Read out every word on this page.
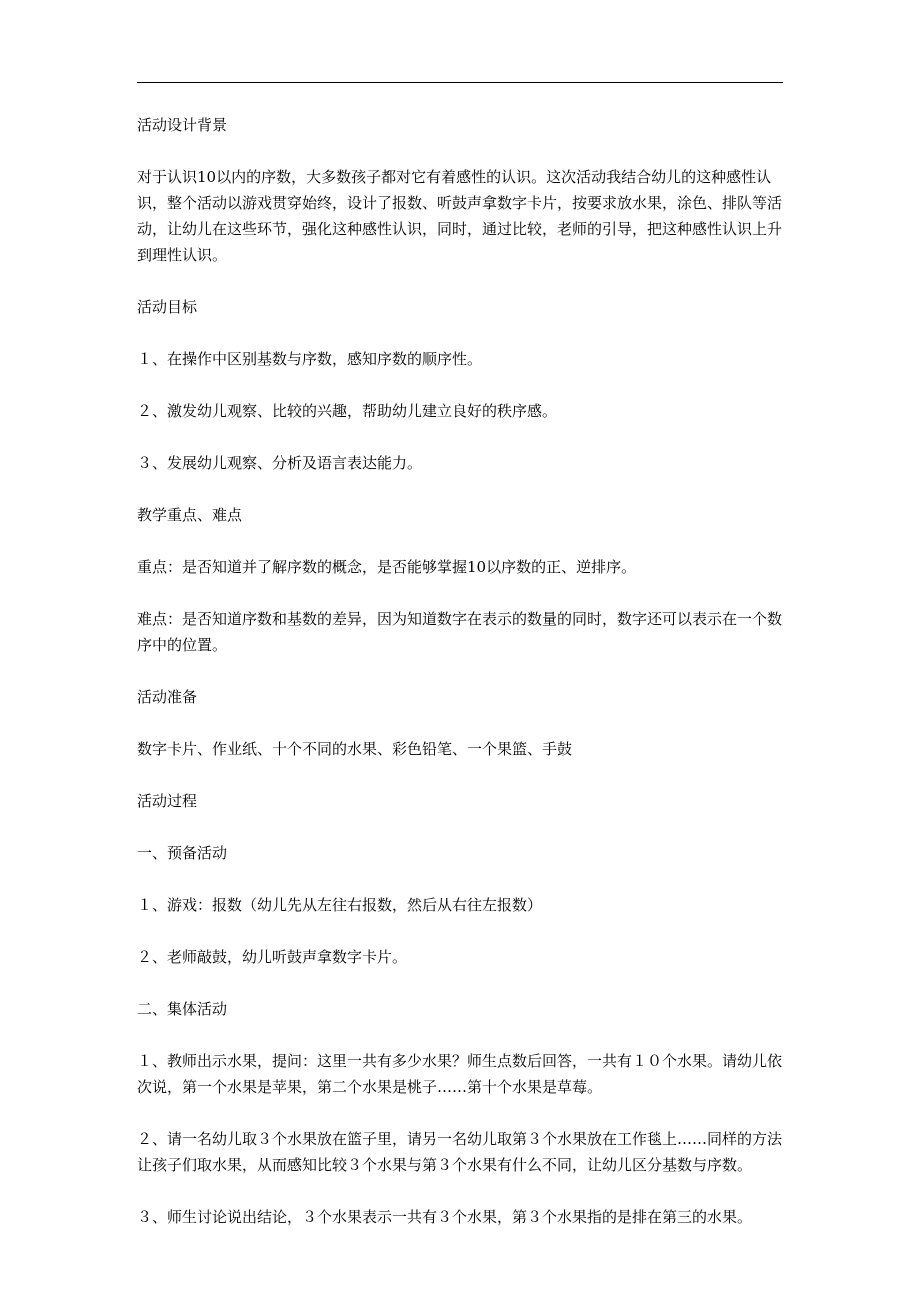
活动设计背景

对于认识10以内的序数，大多数孩子都对它有着感性的认识。这次活动我结合幼儿的这种感性认识，整个活动以游戏贯穿始终，设计了报数、听鼓声拿数字卡片，按要求放水果，涂色、排队等活动，让幼儿在这些环节，强化这种感性认识，同时，通过比较，老师的引导，把这种感性认识上升到理性认识。

活动目标

１、在操作中区别基数与序数，感知序数的顺序性。

２、激发幼儿观察、比较的兴趣，帮助幼儿建立良好的秩序感。

３、发展幼儿观察、分析及语言表达能力。

教学重点、难点

重点：是否知道并了解序数的概念，是否能够掌握10以序数的正、逆排序。

难点：是否知道序数和基数的差异，因为知道数字在表示的数量的同时，数字还可以表示在一个数序中的位置。

活动准备

数字卡片、作业纸、十个不同的水果、彩色铅笔、一个果篮、手鼓

活动过程

一、预备活动

１、游戏：报数（幼儿先从左往右报数，然后从右往左报数）

２、老师敲鼓，幼儿听鼓声拿数字卡片。

二、集体活动

１、教师出示水果，提问：这里一共有多少水果？师生点数后回答，一共有１０个水果。请幼儿依次说，第一个水果是苹果，第二个水果是桃子……第十个水果是草莓。

２、请一名幼儿取３个水果放在篮子里，请另一名幼儿取第３个水果放在工作毯上……同样的方法让孩子们取水果，从而感知比较３个水果与第３个水果有什么不同，让幼儿区分基数与序数。

３、师生讨论说出结论，３个水果表示一共有３个水果，第３个水果指的是排在第三的水果。
